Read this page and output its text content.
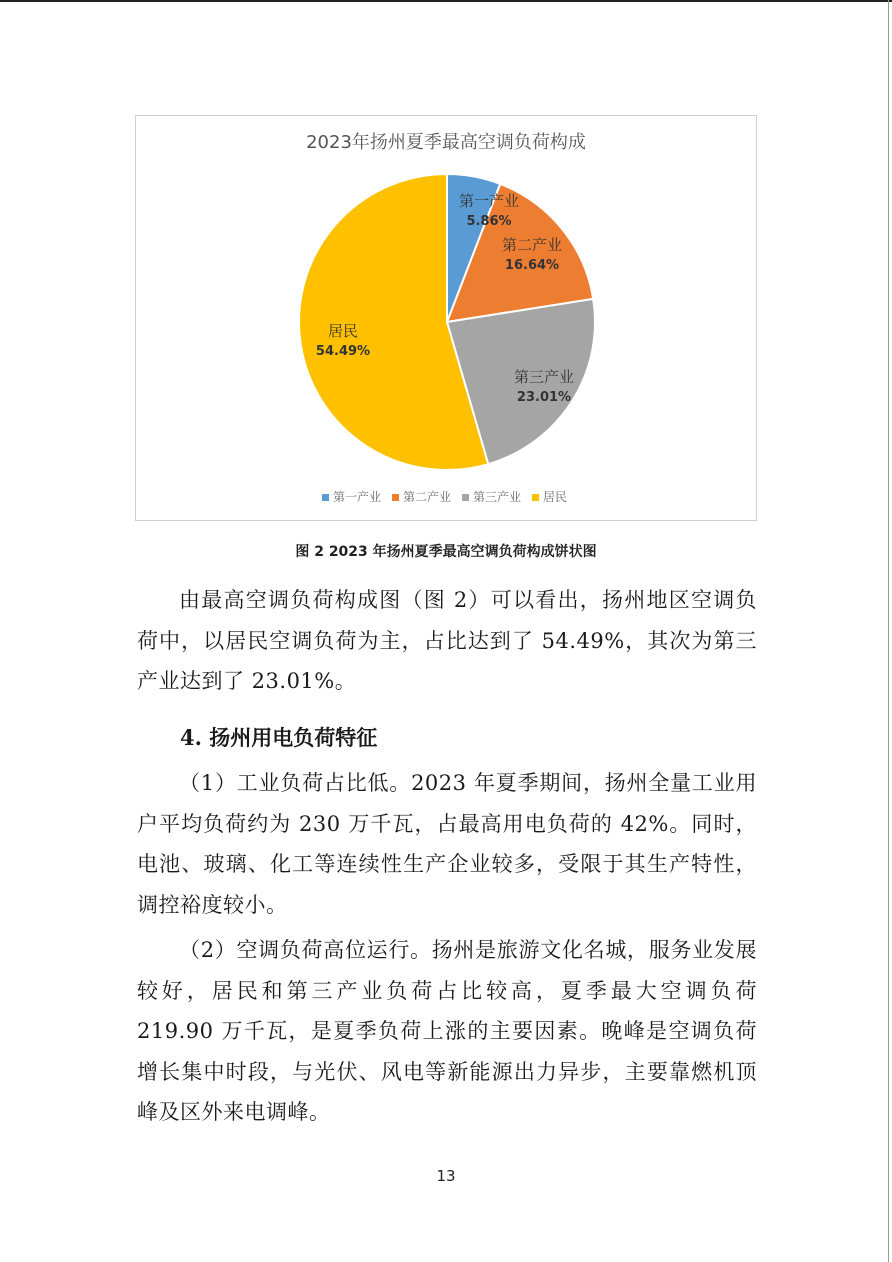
2023年扬州夏季最高空调负荷构成
第一产业
5.86%
第二产业
16.64%
第三产业
23.01%
居民
54.49%
第一产业 第二产业 第三产业 居民
图 2 2023 年扬州夏季最高空调负荷构成饼状图

由最高空调负荷构成图（图 2）可以看出，扬州地区空调负荷中，以居民空调负荷为主，占比达到了 54.49%，其次为第三产业达到了 23.01%。

4. 扬州用电负荷特征

（1）工业负荷占比低。2023 年夏季期间，扬州全量工业用户平均负荷约为 230 万千瓦，占最高用电负荷的 42%。同时，电池、玻璃、化工等连续性生产企业较多，受限于其生产特性，调控裕度较小。

（2）空调负荷高位运行。扬州是旅游文化名城，服务业发展较好，居民和第三产业负荷占比较高，夏季最大空调负荷 219.90 万千瓦，是夏季负荷上涨的主要因素。晚峰是空调负荷增长集中时段，与光伏、风电等新能源出力异步，主要靠燃机顶峰及区外来电调峰。

13
